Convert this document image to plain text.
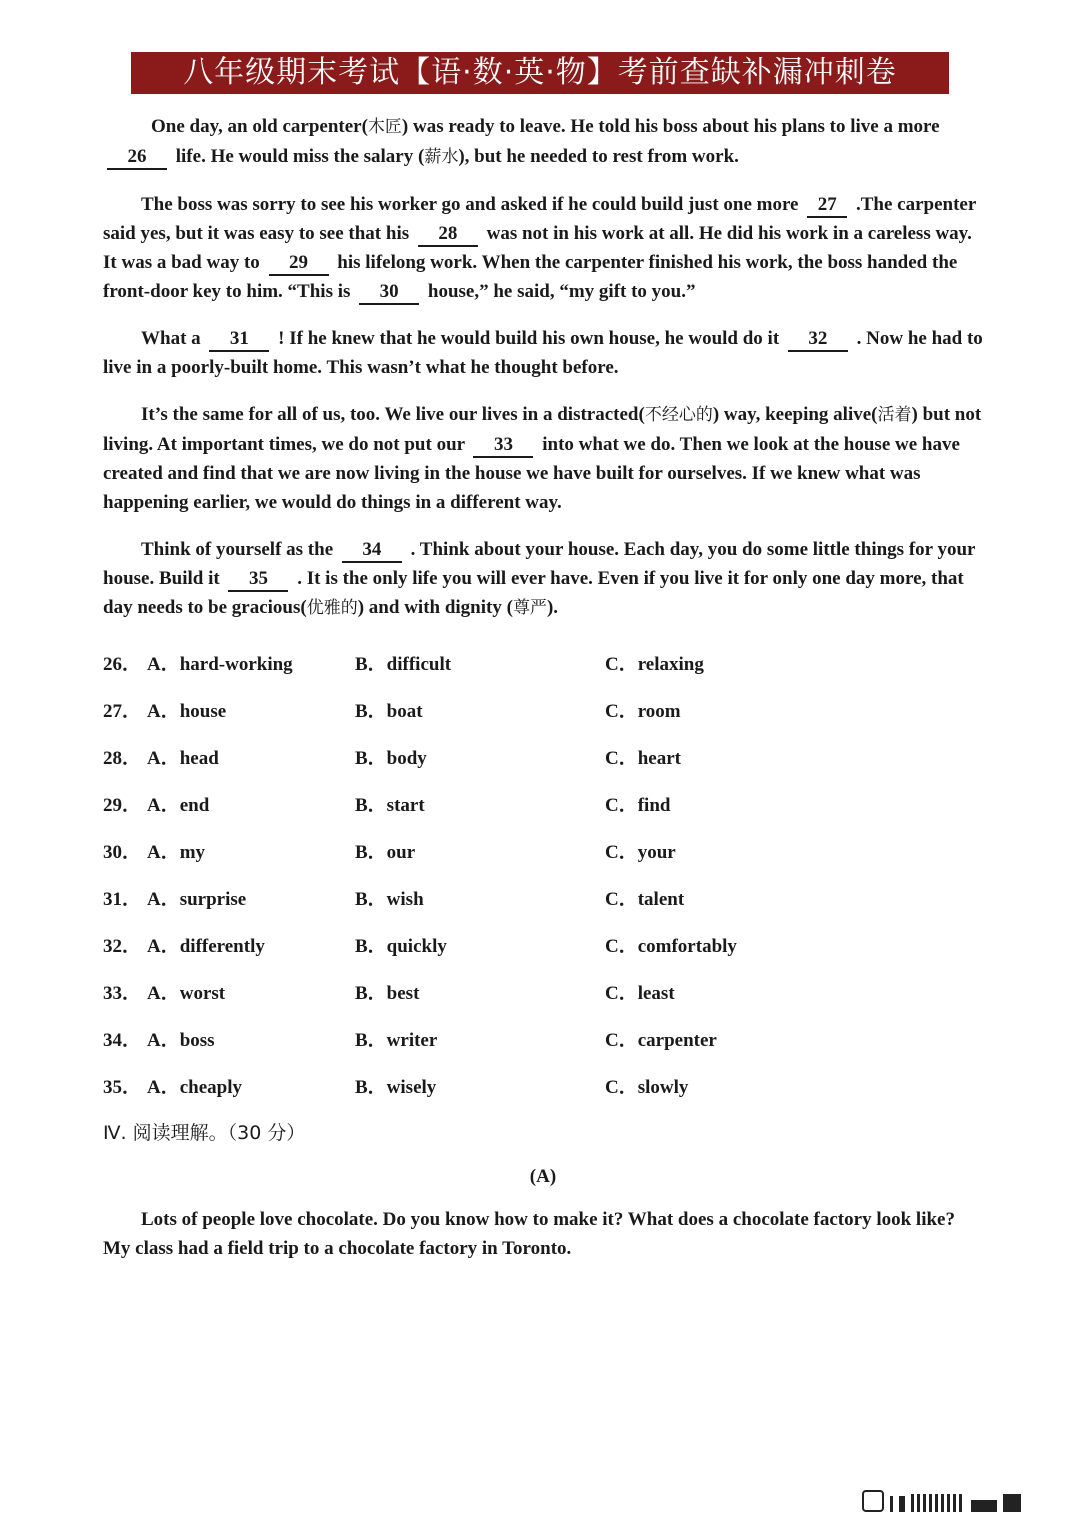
八年级期末考试【语·数·英·物】考前查缺补漏冲刺卷

One day, an old carpenter(木匠) was ready to leave. He told his boss about his plans to live a more 26 life. He would miss the salary (薪水), but he needed to rest from work.

The boss was sorry to see his worker go and asked if he could build just one more 27 .The carpenter said yes, but it was easy to see that his 28 was not in his work at all. He did his work in a careless way. It was a bad way to 29 his lifelong work. When the carpenter finished his work, the boss handed the front-door key to him. “This is 30 house,” he said, “my gift to you.”

What a 31 ! If he knew that he would build his own house, he would do it 32 . Now he had to live in a poorly-built home. This wasn’t what he thought before.

It’s the same for all of us, too. We live our lives in a distracted(不经心的) way, keeping alive(活着) but not living. At important times, we do not put our 33 into what we do. Then we look at the house we have created and find that we are now living in the house we have built for ourselves. If we knew what was happening earlier, we would do things in a different way.

Think of yourself as the 34 . Think about your house. Each day, you do some little things for your house. Build it 35 . It is the only life you will ever have. Even if you live it for only one day more, that day needs to be gracious(优雅的) and with dignity (尊严).

26． A．hard-working	B．difficult	C．relaxing
27． A．house	B．boat	C．room
28． A．head	B．body	C．heart
29． A．end	B．start	C．find
30． A．my	B．our	C．your
31． A．surprise	B．wish	C．talent
32． A．differently	B．quickly	C．comfortably
33． A．worst	B．best	C．least
34． A．boss	B．writer	C．carpenter
35． A．cheaply	B．wisely	C．slowly
Ⅳ. 阅读理解。（30 分）
(A)

Lots of people love chocolate. Do you know how to make it? What does a chocolate factory look like? My class had a field trip to a chocolate factory in Toronto.
